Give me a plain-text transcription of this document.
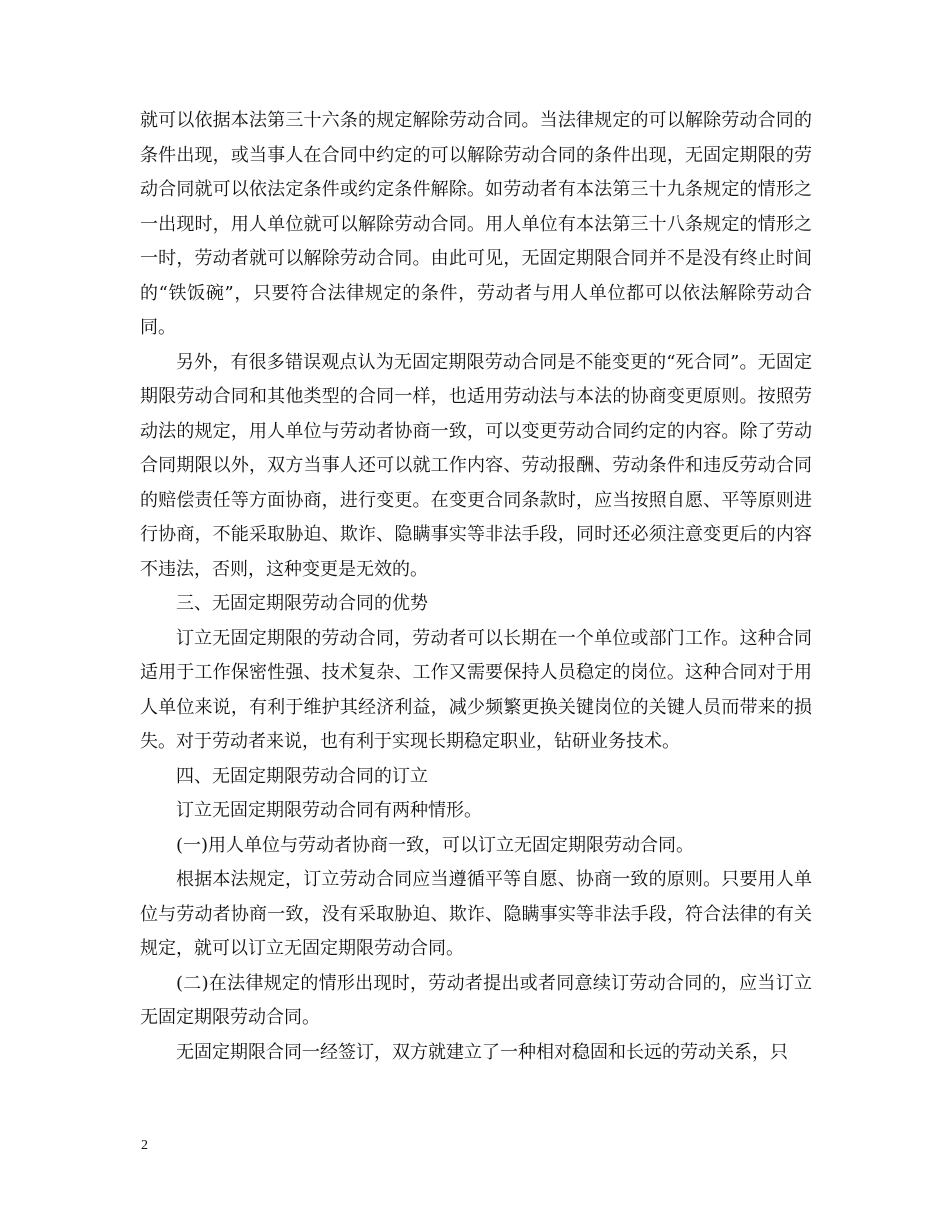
就可以依据本法第三十六条的规定解除劳动合同。当法律规定的可以解除劳动合同的条件出现，或当事人在合同中约定的可以解除劳动合同的条件出现，无固定期限的劳动合同就可以依法定条件或约定条件解除。如劳动者有本法第三十九条规定的情形之一出现时，用人单位就可以解除劳动合同。用人单位有本法第三十八条规定的情形之一时，劳动者就可以解除劳动合同。由此可见，无固定期限合同并不是没有终止时间的“铁饭碗”，只要符合法律规定的条件，劳动者与用人单位都可以依法解除劳动合同。

另外，有很多错误观点认为无固定期限劳动合同是不能变更的“死合同”。无固定期限劳动合同和其他类型的合同一样，也适用劳动法与本法的协商变更原则。按照劳动法的规定，用人单位与劳动者协商一致，可以变更劳动合同约定的内容。除了劳动合同期限以外，双方当事人还可以就工作内容、劳动报酬、劳动条件和违反劳动合同的赔偿责任等方面协商，进行变更。在变更合同条款时，应当按照自愿、平等原则进行协商，不能采取胁迫、欺诈、隐瞒事实等非法手段，同时还必须注意变更后的内容不违法，否则，这种变更是无效的。

三、无固定期限劳动合同的优势

订立无固定期限的劳动合同，劳动者可以长期在一个单位或部门工作。这种合同适用于工作保密性强、技术复杂、工作又需要保持人员稳定的岗位。这种合同对于用人单位来说，有利于维护其经济利益，减少频繁更换关键岗位的关键人员而带来的损失。对于劳动者来说，也有利于实现长期稳定职业，钻研业务技术。

四、无固定期限劳动合同的订立

订立无固定期限劳动合同有两种情形。

(一)用人单位与劳动者协商一致，可以订立无固定期限劳动合同。

根据本法规定，订立劳动合同应当遵循平等自愿、协商一致的原则。只要用人单位与劳动者协商一致，没有采取胁迫、欺诈、隐瞒事实等非法手段，符合法律的有关规定，就可以订立无固定期限劳动合同。

(二)在法律规定的情形出现时，劳动者提出或者同意续订劳动合同的，应当订立无固定期限劳动合同。

无固定期限合同一经签订，双方就建立了一种相对稳固和长远的劳动关系，只

2
